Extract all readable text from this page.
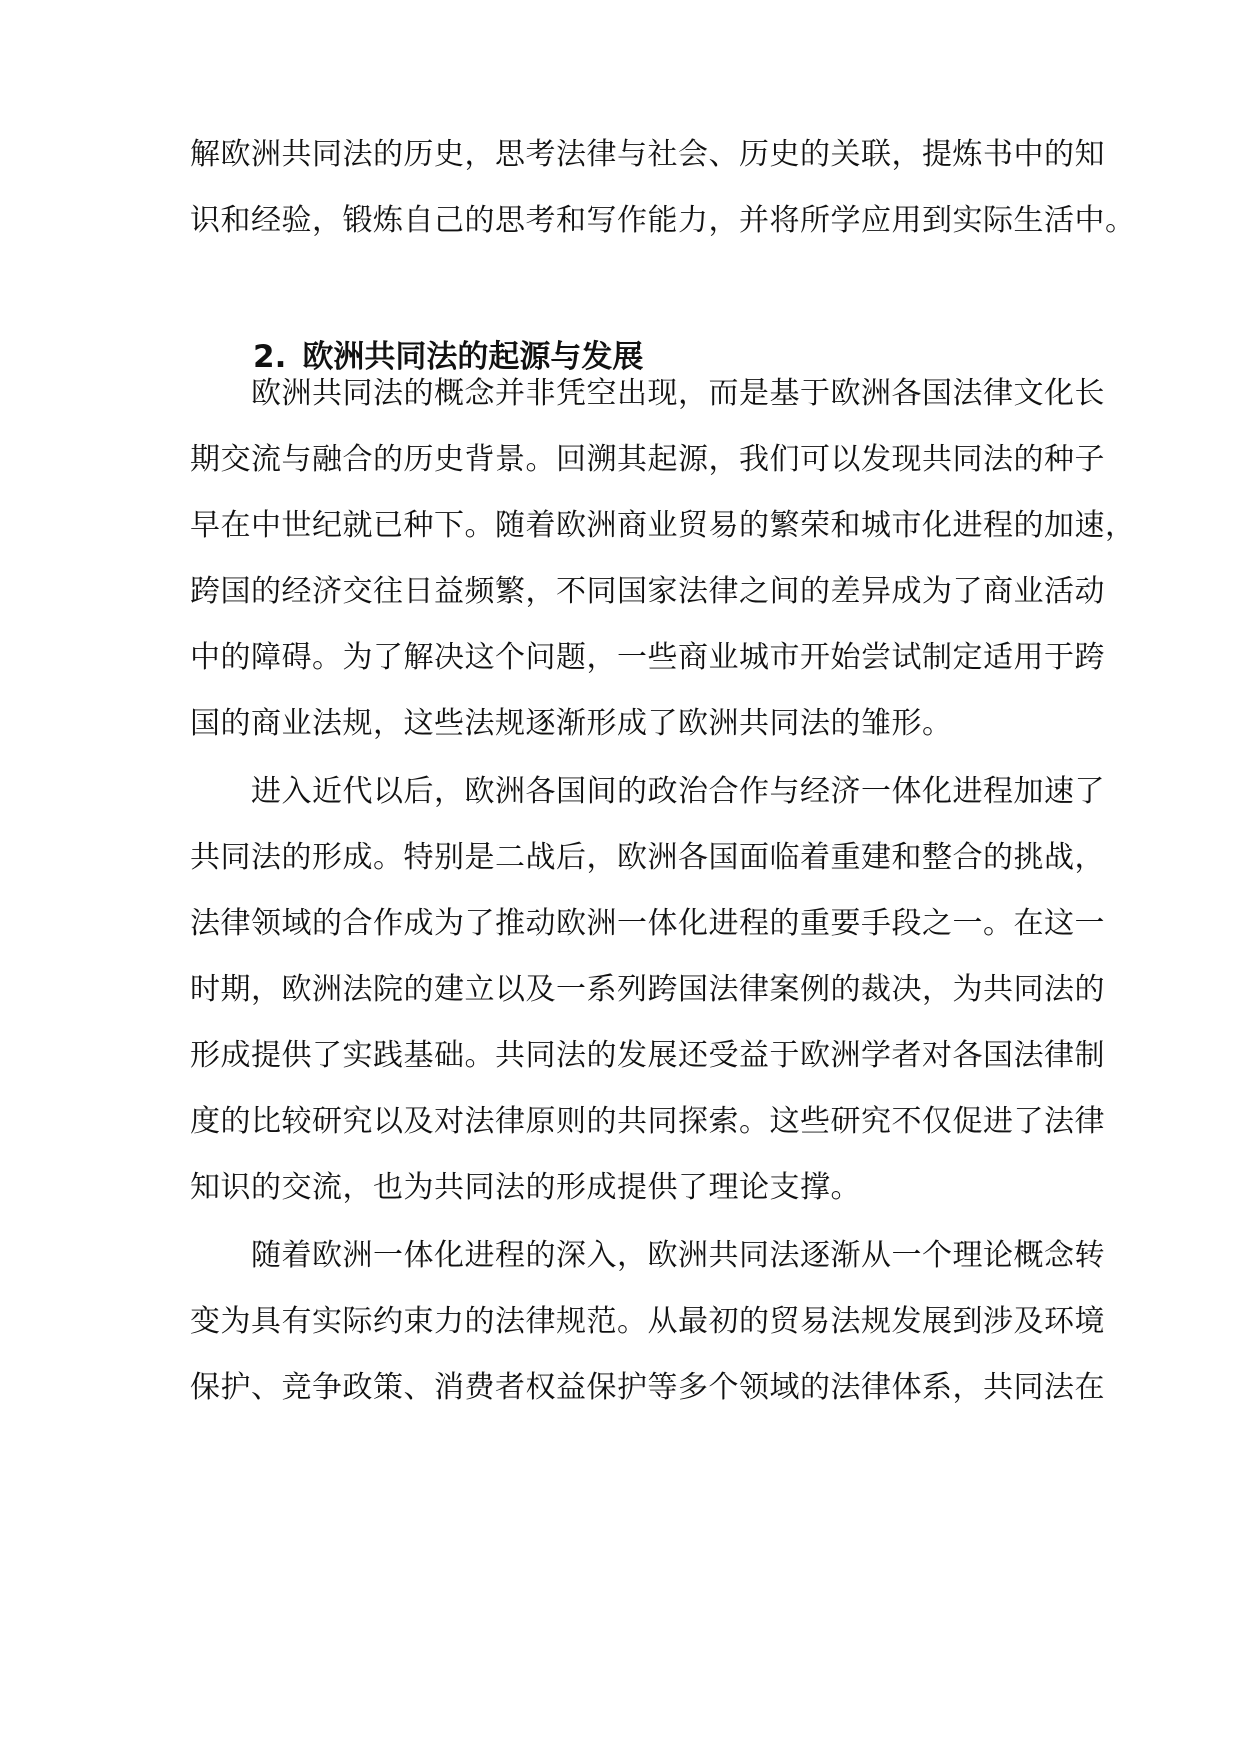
解欧洲共同法的历史，思考法律与社会、历史的关联，提炼书中的知
识和经验，锻炼自己的思考和写作能力，并将所学应用到实际生活中。
2. 欧洲共同法的起源与发展
　　欧洲共同法的概念并非凭空出现，而是基于欧洲各国法律文化长
期交流与融合的历史背景。回溯其起源，我们可以发现共同法的种子
早在中世纪就已种下。随着欧洲商业贸易的繁荣和城市化进程的加速，
跨国的经济交往日益频繁，不同国家法律之间的差异成为了商业活动
中的障碍。为了解决这个问题，一些商业城市开始尝试制定适用于跨
国的商业法规，这些法规逐渐形成了欧洲共同法的雏形。
　　进入近代以后，欧洲各国间的政治合作与经济一体化进程加速了
共同法的形成。特别是二战后，欧洲各国面临着重建和整合的挑战，
法律领域的合作成为了推动欧洲一体化进程的重要手段之一。在这一
时期，欧洲法院的建立以及一系列跨国法律案例的裁决，为共同法的
形成提供了实践基础。共同法的发展还受益于欧洲学者对各国法律制
度的比较研究以及对法律原则的共同探索。这些研究不仅促进了法律
知识的交流，也为共同法的形成提供了理论支撑。
　　随着欧洲一体化进程的深入，欧洲共同法逐渐从一个理论概念转
变为具有实际约束力的法律规范。从最初的贸易法规发展到涉及环境
保护、竞争政策、消费者权益保护等多个领域的法律体系，共同法在
